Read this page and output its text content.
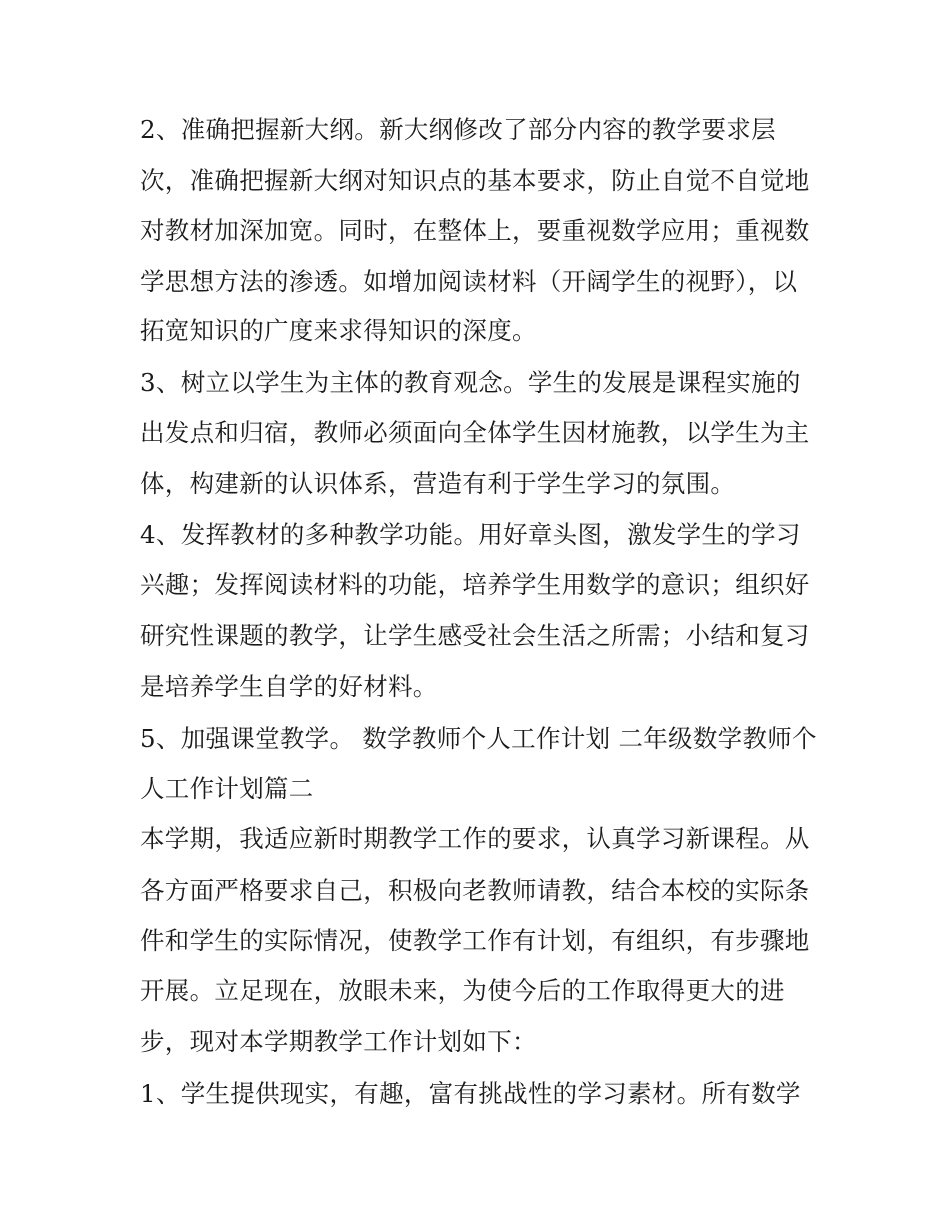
2、准确把握新大纲。新大纲修改了部分内容的教学要求层
次，准确把握新大纲对知识点的基本要求，防止自觉不自觉地
对教材加深加宽。同时，在整体上，要重视数学应用；重视数
学思想方法的渗透。如增加阅读材料（开阔学生的视野），以
拓宽知识的广度来求得知识的深度。
3、树立以学生为主体的教育观念。学生的发展是课程实施的
出发点和归宿，教师必须面向全体学生因材施教，以学生为主
体，构建新的认识体系，营造有利于学生学习的氛围。
4、发挥教材的多种教学功能。用好章头图，激发学生的学习
兴趣；发挥阅读材料的功能，培养学生用数学的意识；组织好
研究性课题的教学，让学生感受社会生活之所需；小结和复习
是培养学生自学的好材料。
5、加强课堂教学。 数学教师个人工作计划 二年级数学教师个
人工作计划篇二
本学期，我适应新时期教学工作的要求，认真学习新课程。从
各方面严格要求自己，积极向老教师请教，结合本校的实际条
件和学生的实际情况，使教学工作有计划，有组织，有步骤地
开展。立足现在，放眼未来，为使今后的工作取得更大的进
步，现对本学期教学工作计划如下：
1、学生提供现实，有趣，富有挑战性的学习素材。所有数学
